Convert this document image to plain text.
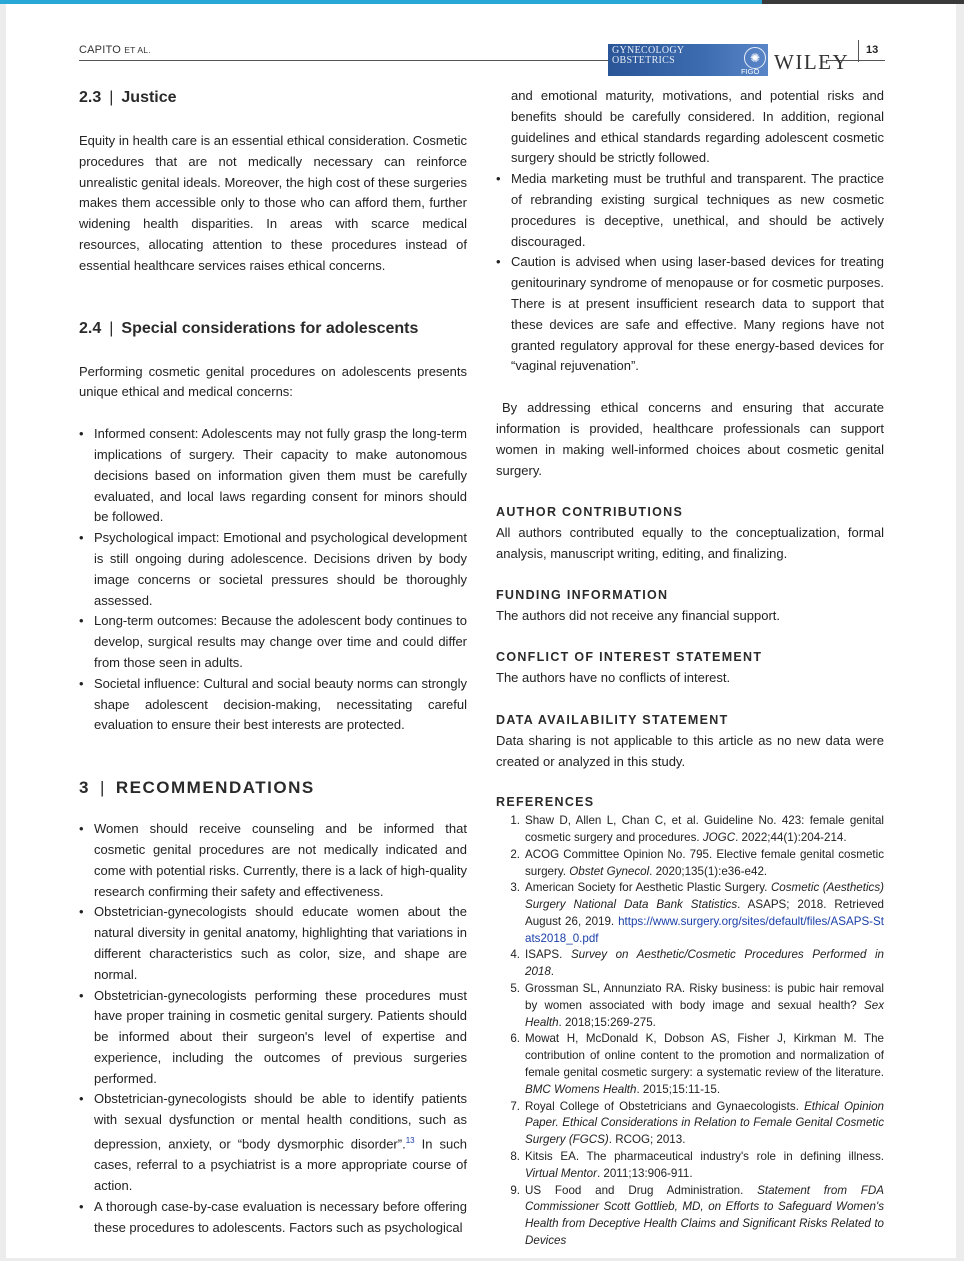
CAPITO ET AL.	GYNECOLOGY
OBSTETRICS	✺
FIGO WILEY 13
2.3 | Justice

Equity in health care is an essential ethical consideration. Cosmetic procedures that are not medically necessary can reinforce unrealistic genital ideals. Moreover, the high cost of these surgeries makes them accessible only to those who can afford them, further widening health disparities. In areas with scarce medical resources, allocating attention to these procedures instead of essential healthcare services raises ethical concerns.

2.4 | Special considerations for adolescents

Performing cosmetic genital procedures on adolescents presents unique ethical and medical concerns:

• Informed consent: Adolescents may not fully grasp the long-term implications of surgery. Their capacity to make autonomous decisions based on information given them must be carefully evaluated, and local laws regarding consent for minors should be followed.
• Psychological impact: Emotional and psychological development is still ongoing during adolescence. Decisions driven by body image concerns or societal pressures should be thoroughly assessed.
• Long-term outcomes: Because the adolescent body continues to develop, surgical results may change over time and could differ from those seen in adults.
• Societal influence: Cultural and social beauty norms can strongly shape adolescent decision-making, necessitating careful evaluation to ensure their best interests are protected.
3 | RECOMMENDATIONS
• Women should receive counseling and be informed that cosmetic genital procedures are not medically indicated and come with potential risks. Currently, there is a lack of high-quality research confirming their safety and effectiveness.
• Obstetrician-gynecologists should educate women about the natural diversity in genital anatomy, highlighting that variations in different characteristics such as color, size, and shape are normal.
• Obstetrician-gynecologists performing these procedures must have proper training in cosmetic genital surgery. Patients should be informed about their surgeon's level of expertise and experience, including the outcomes of previous surgeries performed.
• Obstetrician-gynecologists should be able to identify patients with sexual dysfunction or mental health conditions, such as depression, anxiety, or “body dysmorphic disorder”.$^{13}$ In such cases, referral to a psychiatrist is a more appropriate course of action.
• A thorough case-by-case evaluation is necessary before offering these procedures to adolescents. Factors such as psychological

and emotional maturity, motivations, and potential risks and benefits should be carefully considered. In addition, regional guidelines and ethical standards regarding adolescent cosmetic surgery should be strictly followed.

• Media marketing must be truthful and transparent. The practice of rebranding existing surgical techniques as new cosmetic procedures is deceptive, unethical, and should be actively discouraged.
• Caution is advised when using laser-based devices for treating genitourinary syndrome of menopause or for cosmetic purposes. There is at present insufficient research data to support that these devices are safe and effective. Many regions have not granted regulatory approval for these energy-based devices for “vaginal rejuvenation”.

By addressing ethical concerns and ensuring that accurate information is provided, healthcare professionals can support women in making well-informed choices about cosmetic genital surgery.

AUTHOR CONTRIBUTIONS

All authors contributed equally to the conceptualization, formal analysis, manuscript writing, editing, and finalizing.

FUNDING INFORMATION

The authors did not receive any financial support.

CONFLICT OF INTEREST STATEMENT

The authors have no conflicts of interest.

DATA AVAILABILITY STATEMENT

Data sharing is not applicable to this article as no new data were created or analyzed in this study.

REFERENCES
1. Shaw D, Allen L, Chan C, et al. Guideline No. 423: female genital cosmetic surgery and procedures. JOGC. 2022;44(1):204-214.
2. ACOG Committee Opinion No. 795. Elective female genital cosmetic surgery. Obstet Gynecol. 2020;135(1):e36-e42.
3. American Society for Aesthetic Plastic Surgery. Cosmetic (Aesthetics) Surgery National Data Bank Statistics. ASAPS; 2018. Retrieved August 26, 2019. https://www.surgery.org/sites/default/files/ASAPS-Stats2018_0.pdf
4. ISAPS. Survey on Aesthetic/Cosmetic Procedures Performed in 2018.
5. Grossman SL, Annunziato RA. Risky business: is pubic hair removal by women associated with body image and sexual health? Sex Health. 2018;15:269-275.
6. Mowat H, McDonald K, Dobson AS, Fisher J, Kirkman M. The contribution of online content to the promotion and normalization of female genital cosmetic surgery: a systematic review of the literature. BMC Womens Health. 2015;15:11-15.
7. Royal College of Obstetricians and Gynaecologists. Ethical Opinion Paper. Ethical Considerations in Relation to Female Genital Cosmetic Surgery (FGCS). RCOG; 2013.
8. Kitsis EA. The pharmaceutical industry's role in defining illness. Virtual Mentor. 2011;13:906-911.
9. US Food and Drug Administration. Statement from FDA Commissioner Scott Gottlieb, MD, on Efforts to Safeguard Women's Health from Deceptive Health Claims and Significant Risks Related to Devices
